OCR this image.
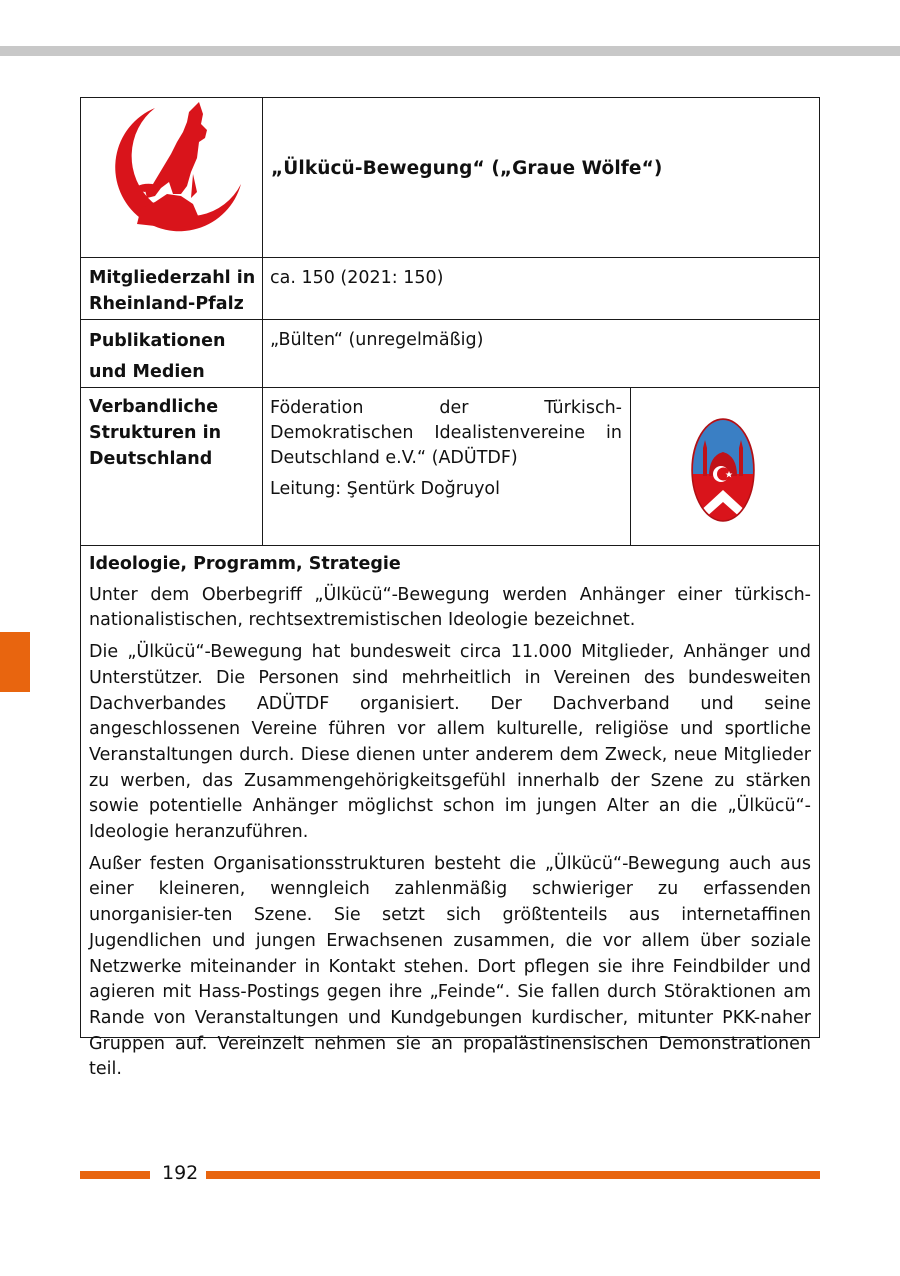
„Ülkücü-Bewegung“ („Graue Wölfe“)
Mitgliederzahl in
Rheinland-Pfalz
ca. 150 (2021: 150)
Publikationen
und Medien
„Bülten“ (unregelmäßig)
Verbandliche
Strukturen in
Deutschland

Föderation der Türkisch-Demokratischen Idealistenvereine in Deutschland e.V.“ (ADÜTDF)

Leitung: Şentürk Doğruyol

Ideologie, Programm, Strategie

Unter dem Oberbegriff „Ülkücü“-Bewegung werden Anhänger einer türkisch-nationalistischen, rechtsextremistischen Ideologie bezeichnet.

Die „Ülkücü“-Bewegung hat bundesweit circa 11.000 Mitglieder, Anhänger und Unterstützer. Die Personen sind mehrheitlich in Vereinen des bundesweiten Dachverbandes ADÜTDF organisiert. Der Dachverband und seine angeschlossenen Vereine führen vor allem kulturelle, religiöse und sportliche Veranstaltungen durch. Diese dienen unter anderem dem Zweck, neue Mitglieder zu werben, das Zusammengehörigkeitsgefühl innerhalb der Szene zu stärken sowie potentielle Anhänger möglichst schon im jungen Alter an die „Ülkücü“-Ideologie heranzuführen.

Außer festen Organisationsstrukturen besteht die „Ülkücü“-Bewegung auch aus einer kleineren, wenngleich zahlenmäßig schwieriger zu erfassenden unorganisier-ten Szene. Sie setzt sich größtenteils aus internetaffinen Jugendlichen und jungen Erwachsenen zusammen, die vor allem über soziale Netzwerke miteinander in Kontakt stehen. Dort pflegen sie ihre Feindbilder und agieren mit Hass-Postings gegen ihre „Feinde“. Sie fallen durch Störaktionen am Rande von Veranstaltungen und Kundgebungen kurdischer, mitunter PKK-naher Gruppen auf. Vereinzelt nehmen sie an propalästinensischen Demonstrationen teil.

192
